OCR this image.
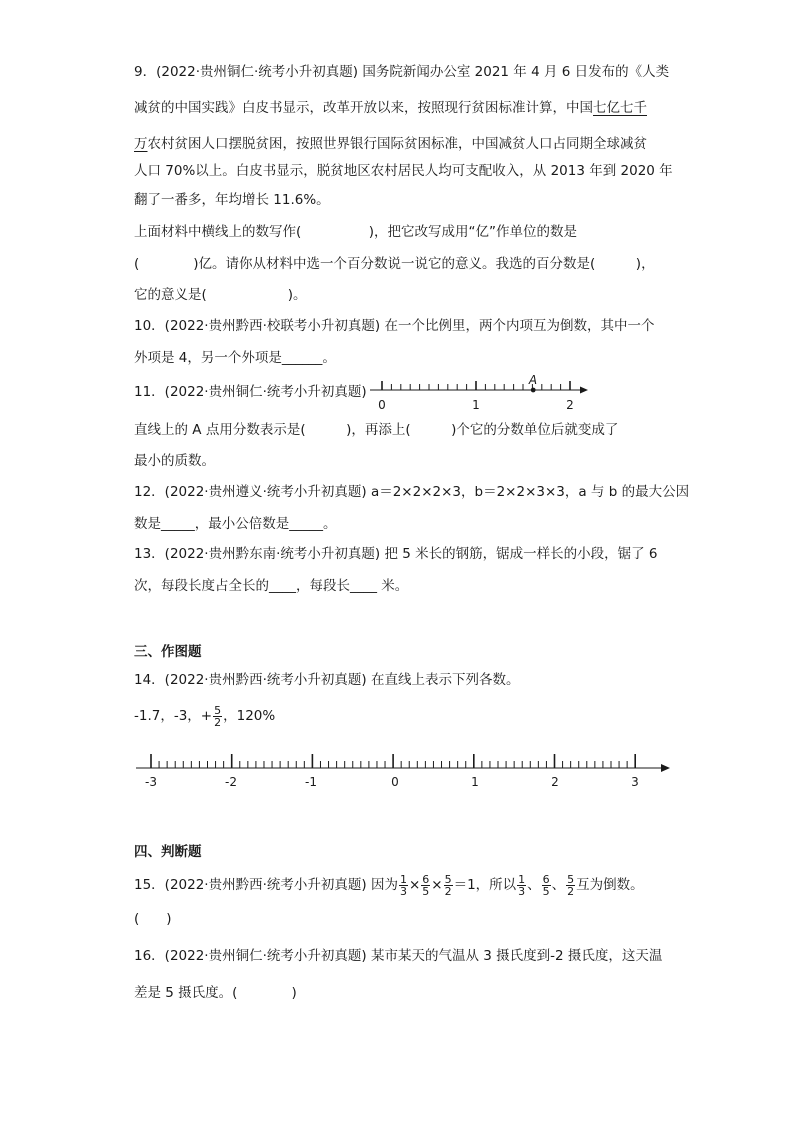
9．(2022·贵州铜仁·统考小升初真题) 国务院新闻办公室 2021 年 4 月 6 日发布的《人类
减贫的中国实践》白皮书显示，改革开放以来，按照现行贫困标准计算，中国七亿七千
万农村贫困人口摆脱贫困，按照世界银行国际贫困标准，中国减贫人口占同期全球减贫
人口 70%以上。白皮书显示，脱贫地区农村居民人均可支配收入，从 2013 年到 2020 年
翻了一番多，年均增长 11.6%。
上面材料中横线上的数写作(　　　　　)，把它改写成用“亿”作单位的数是
(　　　　)亿。请你从材料中选一个百分数说一说它的意义。我选的百分数是(　　　)，
它的意义是(　　　　　　)。
10．(2022·贵州黔西·校联考小升初真题) 在一个比例里，两个内项互为倒数，其中一个
外项是 4，另一个外项是______。
11．(2022·贵州铜仁·统考小升初真题)
A
0	1	2
直线上的 A 点用分数表示是(　　　)，再添上(　　　)个它的分数单位后就变成了
最小的质数。
12．(2022·贵州遵义·统考小升初真题) a＝2×2×2×3，b＝2×2×3×3，a 与 b 的最大公因
数是_____，最小公倍数是_____。
13．(2022·贵州黔东南·统考小升初真题) 把 5 米长的钢筋，锯成一样长的小段，锯了 6
次，每段长度占全长的____，每段长____ 米。
三、作图题
14．(2022·贵州黔西·统考小升初真题) 在直线上表示下列各数。
-1.7，-3，+ $\frac{5}{2}$ ，120%
-3	-2	-1	0	1	2	3
四、判断题
15．(2022·贵州黔西·统考小升初真题) 因为 $\frac{1}{3} \times \frac{6}{5} \times \frac{5}{2} =1$，所以 $\frac{1}{3}$ 、 $\frac{6}{5}$ 、 $\frac{5}{2}$ 互为倒数。
(　　)
16．(2022·贵州铜仁·统考小升初真题) 某市某天的气温从 3 摄氏度到-2 摄氏度，这天温
差是 5 摄氏度。(　　　　)
